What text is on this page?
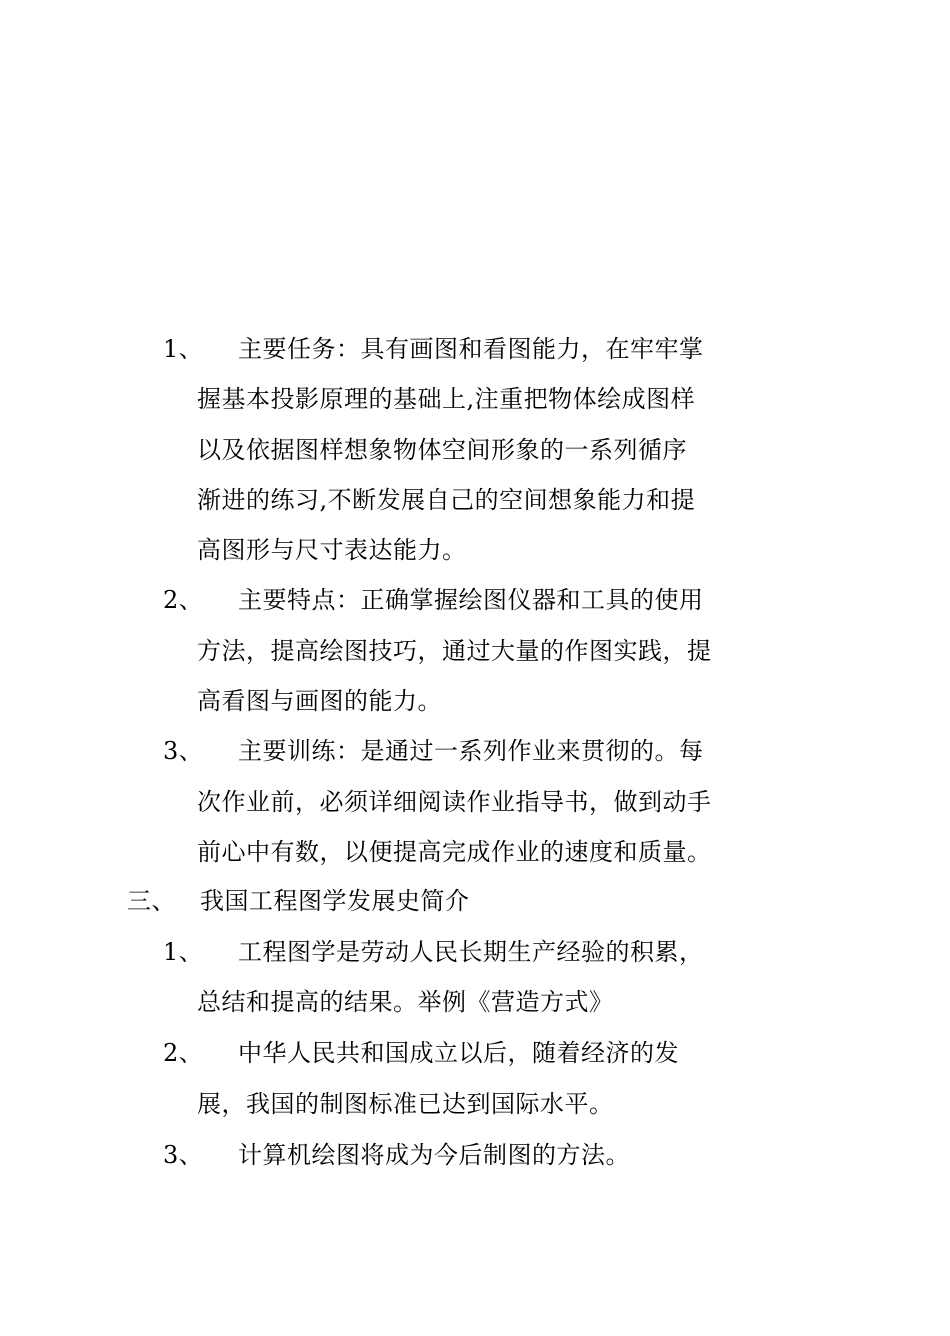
1、	主要任务：具有画图和看图能力，在牢牢掌
握基本投影原理的基础上,注重把物体绘成图样
以及依据图样想象物体空间形象的一系列循序
渐进的练习,不断发展自己的空间想象能力和提
高图形与尺寸表达能力。
2、	主要特点：正确掌握绘图仪器和工具的使用
方法，提高绘图技巧，通过大量的作图实践，提
高看图与画图的能力。
3、	主要训练：是通过一系列作业来贯彻的。每
次作业前，必须详细阅读作业指导书，做到动手
前心中有数，以便提高完成作业的速度和质量。
三、	我国工程图学发展史简介
1、	工程图学是劳动人民长期生产经验的积累，
总结和提高的结果。举例《营造方式》
2、	中华人民共和国成立以后，随着经济的发
展，我国的制图标准已达到国际水平。
3、	计算机绘图将成为今后制图的方法。
